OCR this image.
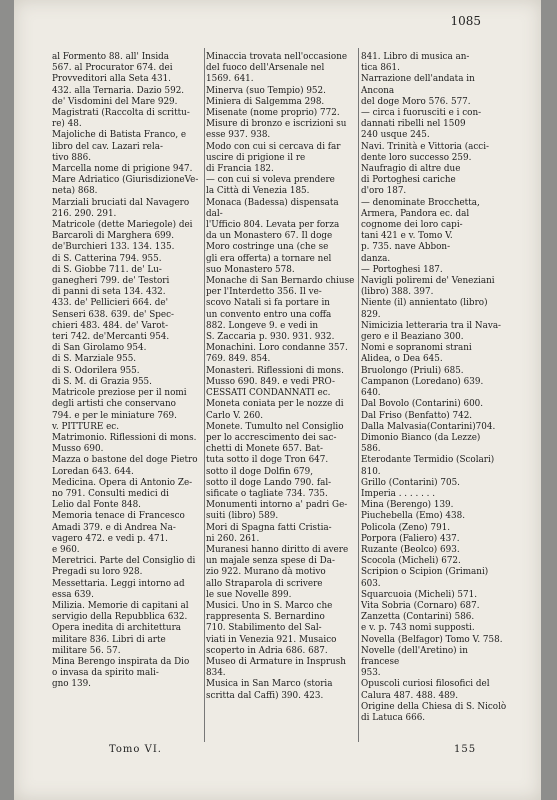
1085

al Formento 88. all' Insida

567. al Procurator 674. dei

Provveditori alla Seta 431.

432. alla Ternaria. Dazio 592.

de' Visdomini del Mare 929.

Magistrati (Raccolta di scrittu-

re) 48.

Majoliche di Batista Franco, e

libro del cav. Lazari rela-

tivo 886.

Marcella nome di prigione 947.

Mare Adriatico (GiurisdizioneVe-

neta) 868.

Marziali bruciati dal Navagero

216. 290. 291.

Matricole (dette Mariegole) dei

Barcaroli di Marghera 699.

de'Burchieri 133. 134. 135.

di S. Catterina 794. 955.

di S. Giobbe 711. de' Lu-

ganegheri 799. de' Testori

di panni di seta 134. 432.

433. de' Pellicieri 664. de'

Senseri 638. 639. de' Spec-

chieri 483. 484. de' Varot-

teri 742. de'Mercanti 954.

di San Girolamo 954.

di S. Marziale 955.

di S. Odorilera 955.

di S. M. di Grazia 955.

Matricole preziose per il nomi

degli artisti che conservano

794. e per le miniature 769.

v. PITTURE ec.

Matrimonio. Riflessioni di mons.

Musso 690.

Mazza o bastone del doge Pietro

Loredan 643. 644.

Medicina. Opera di Antonio Ze-

no 791. Consulti medici di

Lelio dal Fonte 848.

Memoria tenace di Francesco

Amadi 379. e di Andrea Na-

vagero 472. e vedi p. 471.

e 960.

Meretrici. Parte del Consiglio di

Pregadi su loro 928.

Messettaria. Leggi intorno ad

essa 639.

Milizia. Memorie di capitani al

servigio della Repubblica 632.

Opera inedita di architettura

militare 836. Libri di arte

militare 56. 57.

Mina Berengo inspirata da Dio

o invasa da spirito mali-

gno 139.

Minaccia trovata nell'occasione

del fuoco dell'Arsenale nel

1569. 641.

Minerva (suo Tempio) 952.

Miniera di Salgemma 298.

Misenate (nome proprio) 772.

Misure di bronzo e iscrizioni su

esse 937. 938.

Modo con cui si cercava di far

uscire di prigione il re

di Francia 182.

— con cui si voleva prendere

la Città di Venezia 185.

Monaca (Badessa) dispensata dal-

l'Ufficio 804. Levata per forza

da un Monastero 67. Il doge

Moro costringe una (che se

gli era offerta) a tornare nel

suo Monastero 578.

Monache di San Bernardo chiuse

per l'Interdetto 356. Il ve-

scovo Natali si fa portare in

un convento entro una coffa

882. Longeve 9. e vedi in

S. Zaccaria p. 930. 931. 932.

Monachini. Loro condanne 357.

769. 849. 854.

Monasteri. Riflessioni di mons.

Musso 690. 849. e vedi PRO-

CESSATI CONDANNATI ec.

Moneta coniata per le nozze di

Carlo V. 260.

Monete. Tumulto nel Consiglio

per lo accrescimento dei sac-

chetti di Monete 657. Bat-

tuta sotto il doge Tron 647.

sotto il doge Dolfin 679,

sotto il doge Lando 790. fal-

sificate o tagliate 734. 735.

Monumenti intorno a' padri Ge-

suiti (libro) 589.

Mori di Spagna fatti Cristia-

ni 260. 261.

Muranesi hanno diritto di avere

un majale senza spese di Da-

zio 922. Murano dà motivo

allo Straparola di scrivere

le sue Novelle 899.

Musici. Uno in S. Marco che

rappresenta S. Bernardino

710. Stabilimento del Sal-

viati in Venezia 921. Musaico

scoperto in Adria 686. 687.

Museo di Armature in Insprush

834.

Musica in San Marco (storia

scritta dal Caffi) 390. 423.

841. Libro di musica an-

tica 861.

Narrazione dell'andata in Ancona

del doge Moro 576. 577.

— circa i fuorusciti e i con-

dannati ribelli nel 1509

240 usque 245.

Navi. Trinità e Vittoria (acci-

dente loro successo 259.

Naufragio di altre due

di Portoghesi cariche

d'oro 187.

— denominate Brocchetta,

Armera, Pandora ec. dal

cognome dei loro capi-

tani 421 e v. Tomo V.

p. 735. nave Abbon-

danza.

— Portoghesi 187.

Navigli poliremi de' Veneziani

(libro) 388. 397.

Niente (il) annientato (libro) 829.

Nimicizia letteraria tra il Nava-

gero e il Beaziano 300.

Nomi e sopranomi strani

Alidea, o Dea 645.

Bruolongo (Priuli) 685.

Campanon (Loredano) 639.

640.

Dal Bovolo (Contarini) 600.

Dal Friso (Benfatto) 742.

Dalla Malvasia(Contarini)704.

Dimonio Bianco (da Lezze)

586.

Eterodante Termidio (Scolari)

810.

Grillo (Contarini) 705.

Imperia . . . . . . .

Mina (Berengo) 139.

Piuchebella (Emo) 438.

Policola (Zeno) 791.

Porpora (Faliero) 437.

Ruzante (Beolco) 693.

Scocola (Micheli) 672.

Scripion o Scipion (Grimani)

603.

Squarcuoia (Micheli) 571.

Vita Sobria (Cornaro) 687.

Zanzetta (Contarini) 586.

e v. p. 743 nomi supposti.

Novella (Belfagor) Tomo V. 758.

Novelle (dell'Aretino) in francese

953.

Opuscoli curiosi filosofici del

Calura 487. 488. 489.

Origine della Chiesa di S. Nicolò

di Latuca 666.

Tomo VI.	155
